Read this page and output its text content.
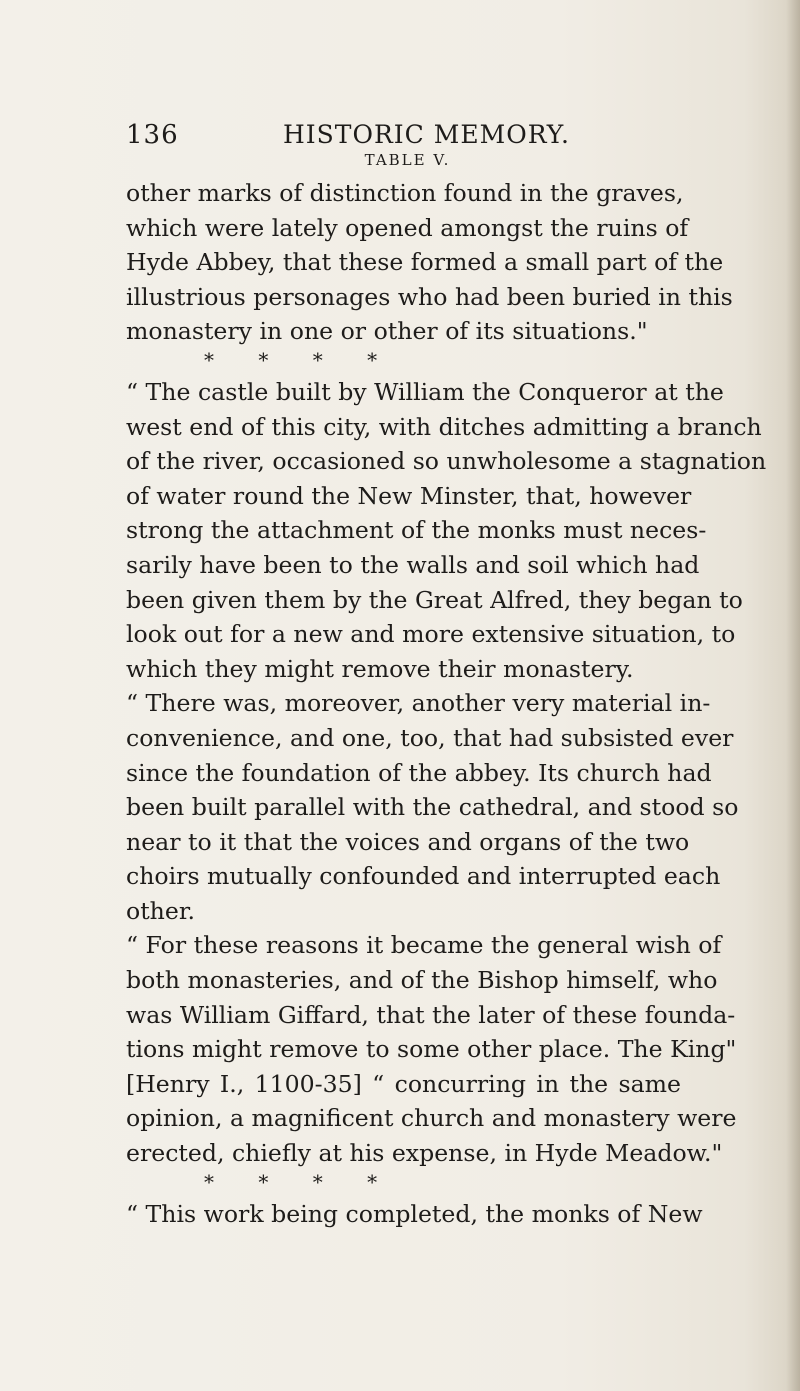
136	HISTORIC MEMORY.
TABLE V.
other marks of distinction found in the graves,
which were lately opened amongst the ruins of
Hyde Abbey, that these formed a small part of the
illustrious personages who had been buried in this
monastery in one or other of its situations."
* * * *
“ The castle built by William the Conqueror at the
west end of this city, with ditches admitting a branch
of the river, occasioned so unwholesome a stagnation
of water round the New Minster, that, however
strong the attachment of the monks must neces-
sarily have been to the walls and soil which had
been given them by the Great Alfred, they began to
look out for a new and more extensive situation, to
which they might remove their monastery.
“ There was, moreover, another very material in-
convenience, and one, too, that had subsisted ever
since the foundation of the abbey. Its church had
been built parallel with the cathedral, and stood so
near to it that the voices and organs of the two
choirs mutually confounded and interrupted each
other.
“ For these reasons it became the general wish of
both monasteries, and of the Bishop himself, who
was William Giffard, that the later of these founda-
tions might remove to some other place. The King"
[Henry I., 1100-35] “ concurring in the same
opinion, a magnificent church and monastery were
erected, chiefly at his expense, in Hyde Meadow."
* * * *
“ This work being completed, the monks of New
